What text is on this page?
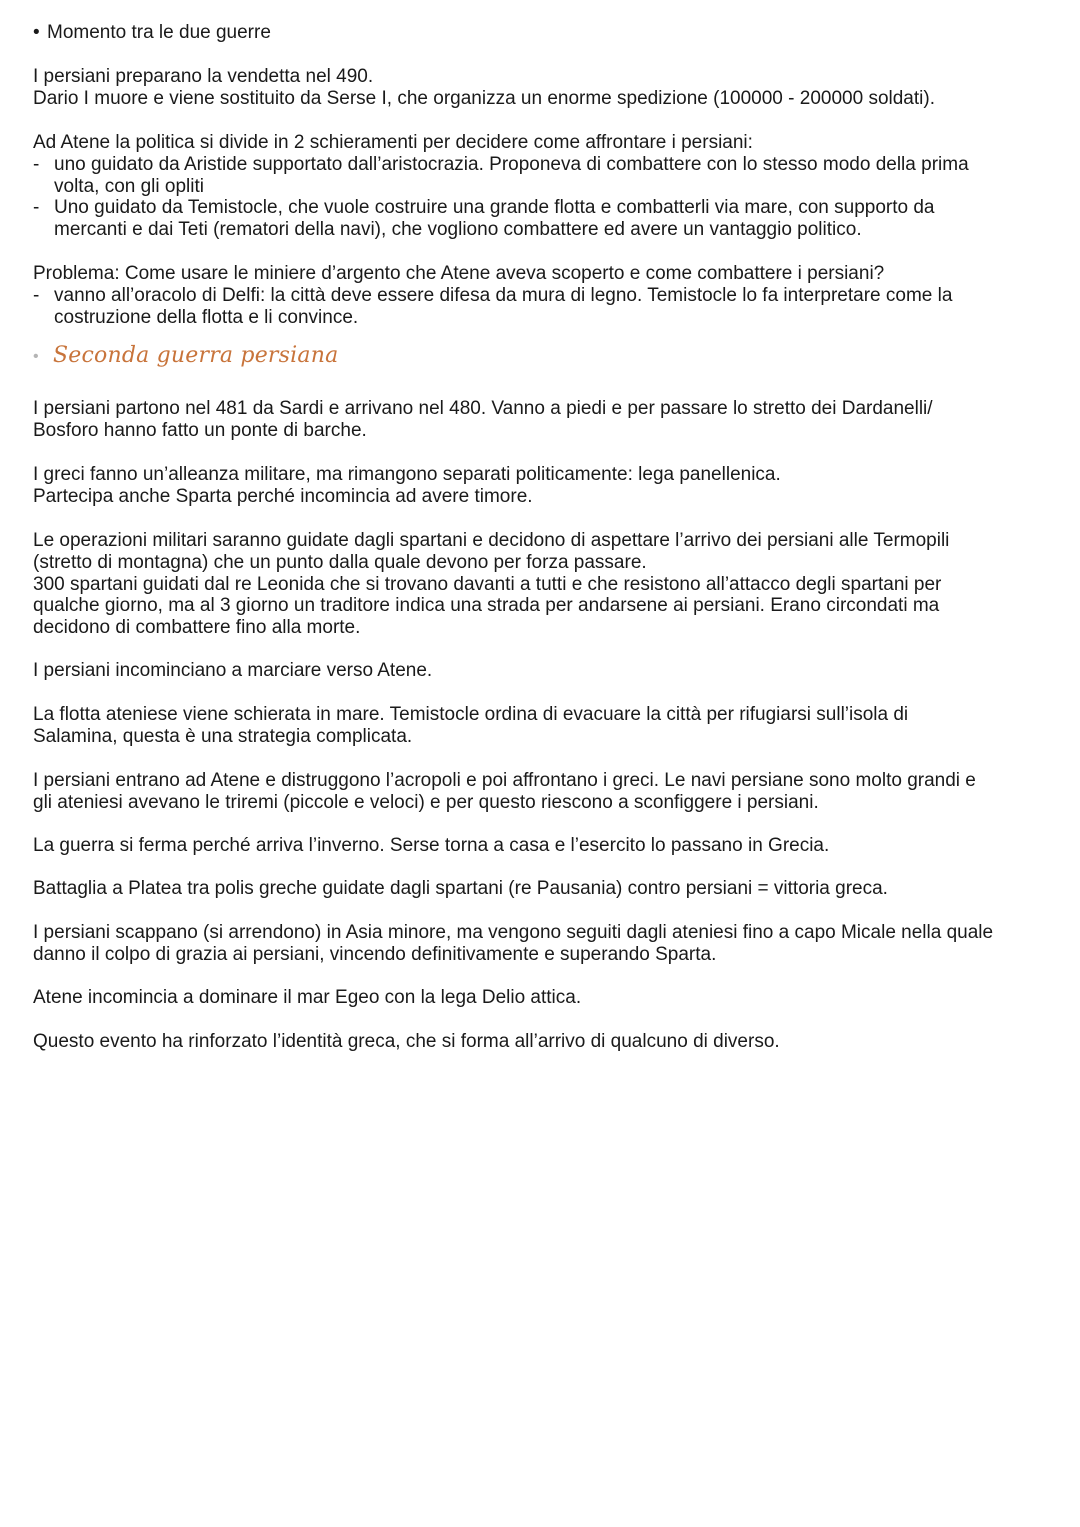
• Momento tra le due guerre

I persiani preparano la vendetta nel 490.

Dario I muore e viene sostituito da Serse I, che organizza un enorme spedizione (100000 - 200000 soldati).

Ad Atene la politica si divide in 2 schieramenti per decidere come affrontare i persiani:

- uno guidato da Aristide supportato dall’aristocrazia. Proponeva di combattere con lo stesso modo della prima

volta, con gli opliti

- Uno guidato da Temistocle, che vuole costruire una grande flotta e combatterli via mare, con supporto da

mercanti e dai Teti (rematori della navi), che vogliono combattere ed avere un vantaggio politico.

Problema: Come usare le miniere d’argento che Atene aveva scoperto e come combattere i persiani?

- vanno all’oracolo di Delfi: la città deve essere difesa da mura di legno. Temistocle lo fa interpretare come la

costruzione della flotta e li convince.

• Seconda guerra persiana

I persiani partono nel 481 da Sardi e arrivano nel 480. Vanno a piedi e per passare lo stretto dei Dardanelli/

Bosforo hanno fatto un ponte di barche.

I greci fanno un’alleanza militare, ma rimangono separati politicamente: lega panellenica.

Partecipa anche Sparta perché incomincia ad avere timore.

Le operazioni militari saranno guidate dagli spartani e decidono di aspettare l’arrivo dei persiani alle Termopili

(stretto di montagna) che un punto dalla quale devono per forza passare.

300 spartani guidati dal re Leonida che si trovano davanti a tutti e che resistono all’attacco degli spartani per

qualche giorno, ma al 3 giorno un traditore indica una strada per andarsene ai persiani. Erano circondati ma

decidono di combattere fino alla morte.

I persiani incominciano a marciare verso Atene.

La flotta ateniese viene schierata in mare. Temistocle ordina di evacuare la città per rifugiarsi sull’isola di

Salamina, questa è una strategia complicata.

I persiani entrano ad Atene e distruggono l’acropoli e poi affrontano i greci. Le navi persiane sono molto grandi e

gli ateniesi avevano le triremi (piccole e veloci) e per questo riescono a sconfiggere i persiani.

La guerra si ferma perché arriva l’inverno. Serse torna a casa e l’esercito lo passano in Grecia.

Battaglia a Platea tra polis greche guidate dagli spartani (re Pausania) contro persiani = vittoria greca.

I persiani scappano (si arrendono) in Asia minore, ma vengono seguiti dagli ateniesi fino a capo Micale nella quale

danno il colpo di grazia ai persiani, vincendo definitivamente e superando Sparta.

Atene incomincia a dominare il mar Egeo con la lega Delio attica.

Questo evento ha rinforzato l’identità greca, che si forma all’arrivo di qualcuno di diverso.
